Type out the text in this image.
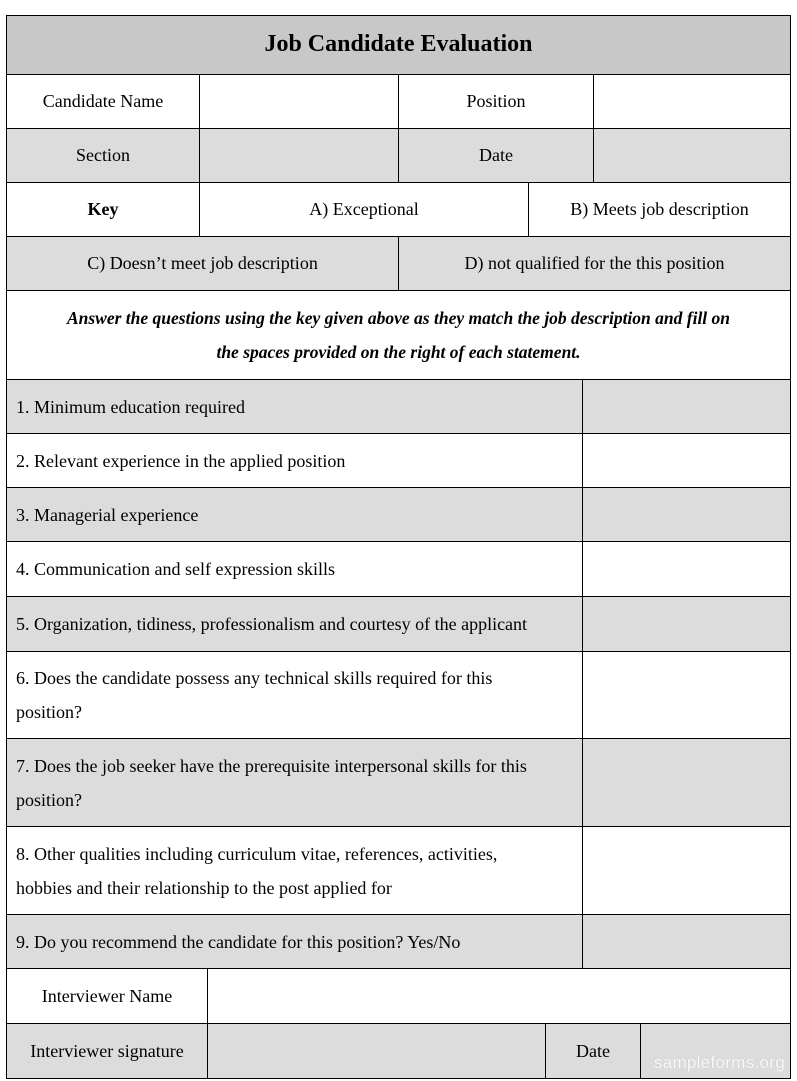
Job Candidate Evaluation
Candidate Name	Position
Section	Date
Key	A) Exceptional	B) Meets job description
C) Doesn’t meet job description	D) not qualified for the this position
Answer the questions using the key given above as they match the job description and fill on
the spaces provided on the right of each statement.
1. Minimum education required
2. Relevant experience in the applied position
3. Managerial experience
4. Communication and self expression skills
5. Organization, tidiness, professionalism and courtesy of the applicant
6. Does the candidate possess any technical skills required for this
position?
7. Does the job seeker have the prerequisite interpersonal skills for this
position?
8. Other qualities including curriculum vitae, references, activities,
hobbies and their relationship to the post applied for
9. Do you recommend the candidate for this position? Yes/No
Interviewer Name
Interviewer signature	Date
sampleforms.org
